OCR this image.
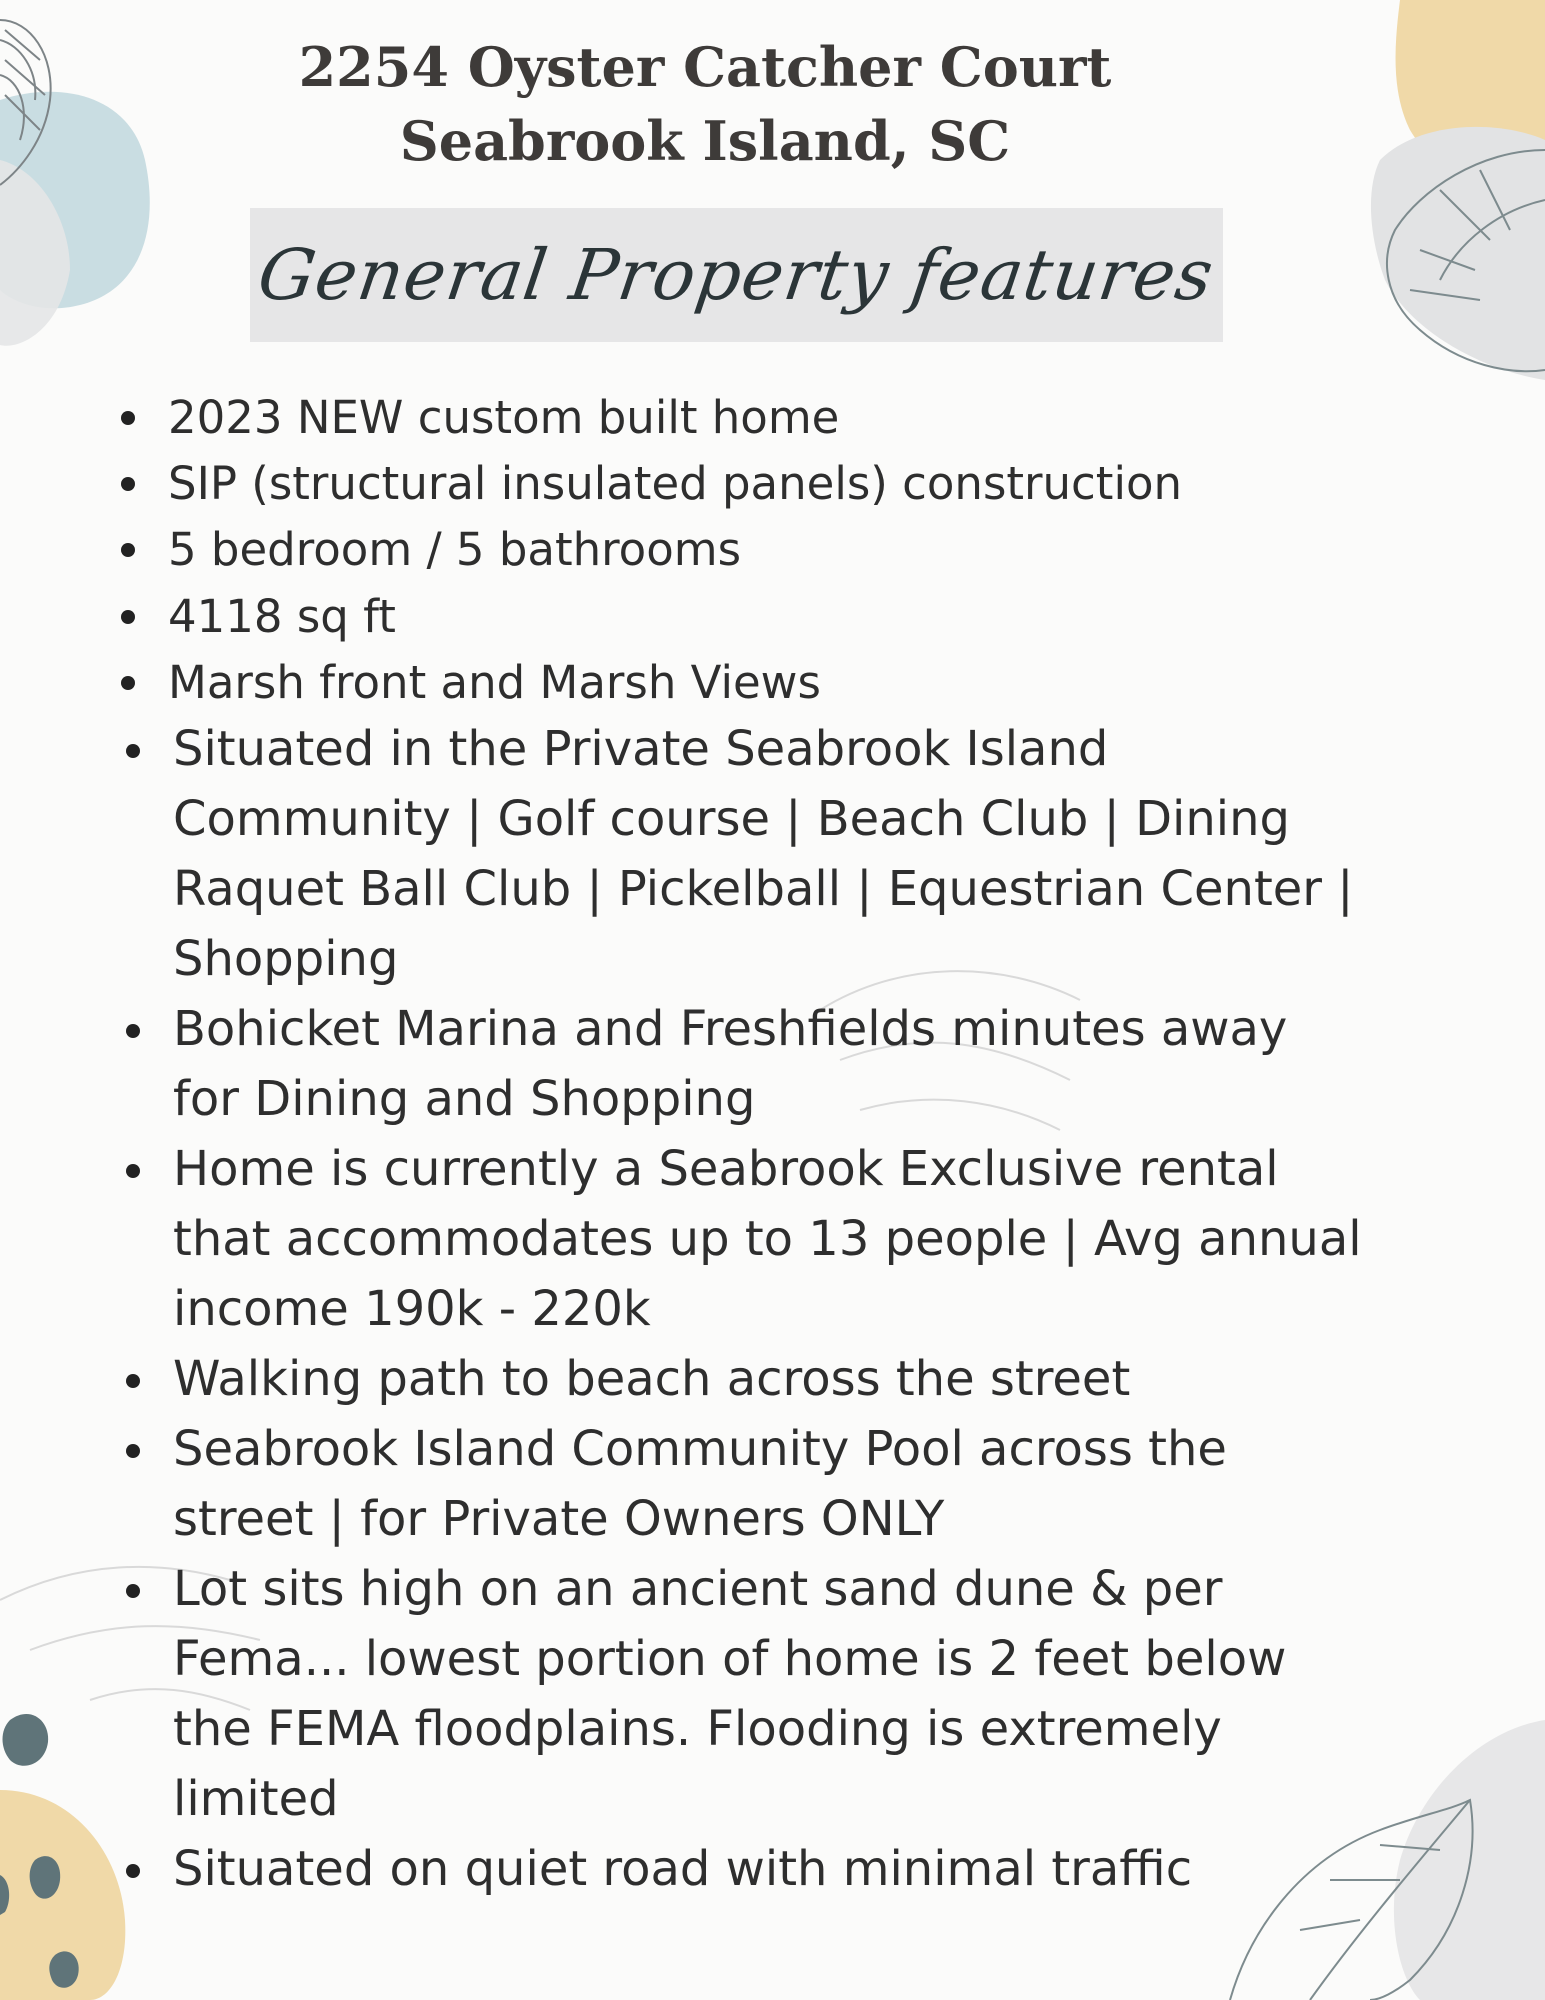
2254 Oyster Catcher Court
Seabrook Island, SC
General Property features
2023 NEW custom built home
SIP (structural insulated panels) construction
5 bedroom / 5 bathrooms
4118 sq ft
Marsh front and Marsh Views
Situated in the Private Seabrook Island
Community | Golf course | Beach Club | Dining
Raquet Ball Club | Pickelball | Equestrian Center |
Shopping
Bohicket Marina and Freshfields minutes away
for Dining and Shopping
Home is currently a Seabrook Exclusive rental
that accommodates up to 13 people | Avg annual
income 190k - 220k
Walking path to beach across the street
Seabrook Island Community Pool across the
street | for Private Owners ONLY
Lot sits high on an ancient sand dune & per
Fema... lowest portion of home is 2 feet below
the FEMA floodplains. Flooding is extremely
limited
Situated on quiet road with minimal traffic
